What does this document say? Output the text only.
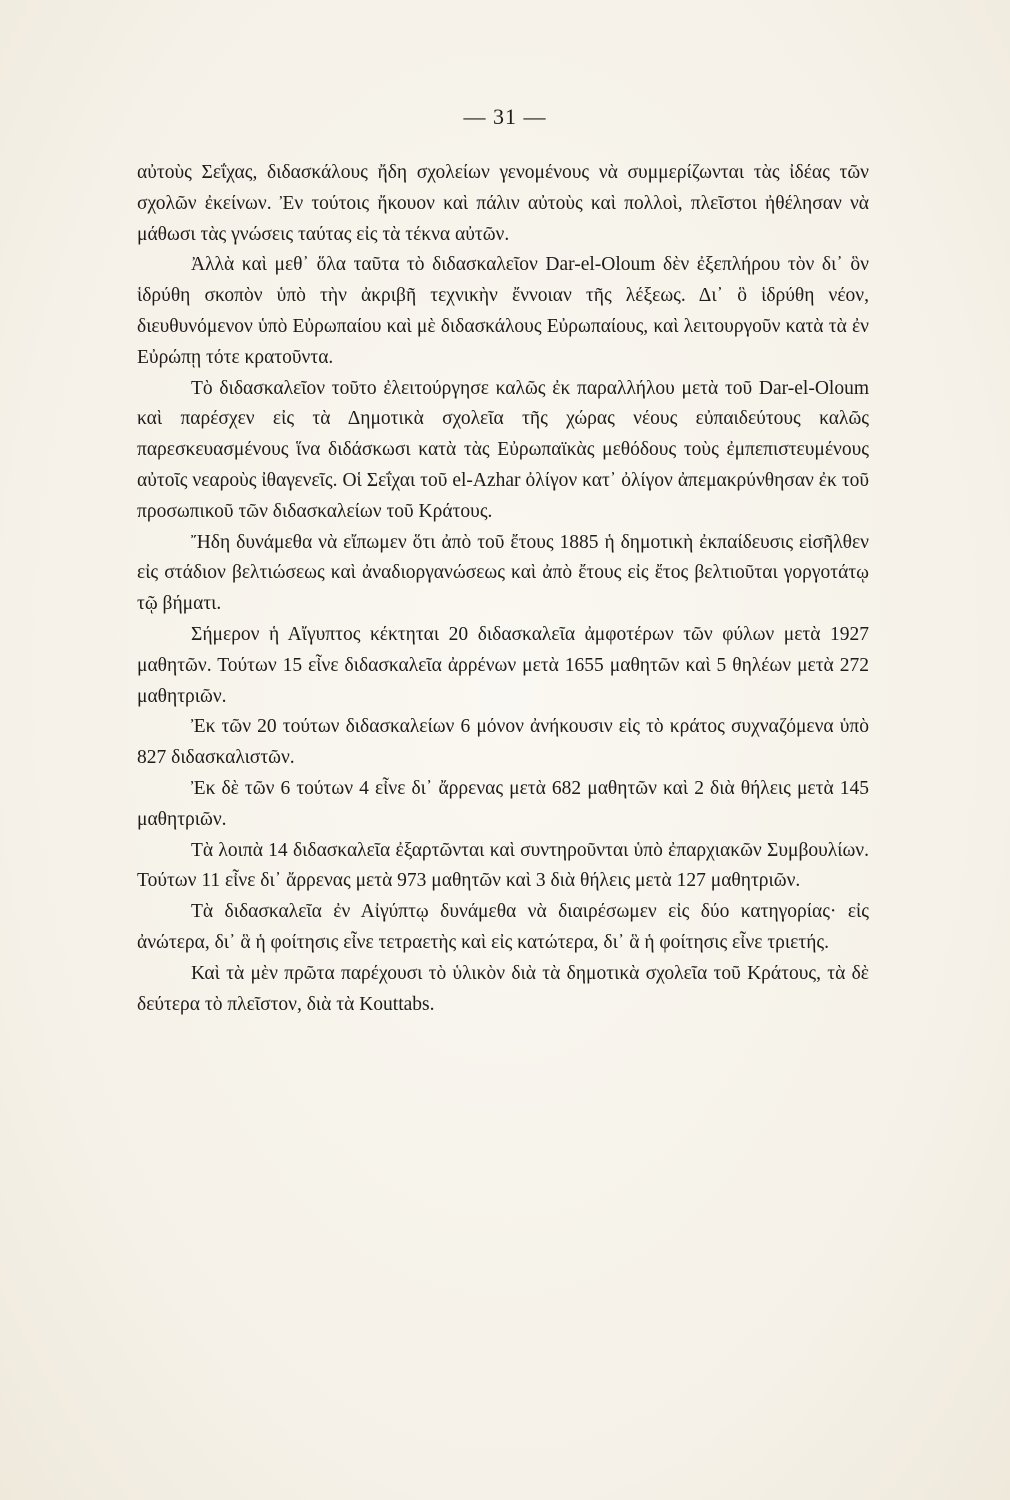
— 31 —

αὐτοὺς Σεΐχας, διδασκάλους ἤδη σχολείων γενομένους νὰ συμμερίζωνται τὰς ἰδέας τῶν σχολῶν ἐκείνων. Ἐν τούτοις ἤκουον καὶ πάλιν αὐτοὺς καὶ πολλοὶ, πλεῖστοι ἠθέλησαν νὰ μάθωσι τὰς γνώσεις ταύτας εἰς τὰ τέκνα αὐτῶν.

Ἀλλὰ καὶ μεθ᾽ ὅλα ταῦτα τὸ διδασκαλεῖον Dar-el-Oloum δὲν ἐξεπλήρου τὸν δι᾽ ὃν ἱδρύθη σκοπὸν ὑπὸ τὴν ἀκριβῆ τεχνικὴν ἔννοιαν τῆς λέξεως. Δι᾽ ὃ ἱδρύθη νέον, διευθυνόμενον ὑπὸ Εὐρωπαίου καὶ μὲ διδασκάλους Εὐρωπαίους, καὶ λειτουργοῦν κατὰ τὰ ἐν Εὐρώπῃ τότε κρατοῦντα.

Τὸ διδασκαλεῖον τοῦτο ἐλειτούργησε καλῶς ἐκ παραλλήλου μετὰ τοῦ Dar-el-Oloum καὶ παρέσχεν εἰς τὰ Δημοτικὰ σχολεῖα τῆς χώρας νέους εὐπαιδεύτους καλῶς παρεσκευασμένους ἵνα διδάσκωσι κατὰ τὰς Εὐρωπαϊκὰς μεθόδους τοὺς ἐμπεπιστευμένους αὐτοῖς νεαροὺς ἰθαγενεῖς. Οἱ Σεΐχαι τοῦ el-Azhar ὀλίγον κατ᾽ ὀλίγον ἀπεμακρύνθησαν ἐκ τοῦ προσωπικοῦ τῶν διδασκαλείων τοῦ Κράτους.

Ἤδη δυνάμεθα νὰ εἴπωμεν ὅτι ἀπὸ τοῦ ἔτους 1885 ἡ δημοτικὴ ἐκπαίδευσις εἰσῆλθεν εἰς στάδιον βελτιώσεως καὶ ἀναδιοργανώσεως καὶ ἀπὸ ἔτους εἰς ἔτος βελτιοῦται γοργοτάτῳ τῷ βήματι.

Σήμερον ἡ Αἴγυπτος κέκτηται 20 διδασκαλεῖα ἀμφοτέρων τῶν φύλων μετὰ 1927 μαθητῶν. Τούτων 15 εἶνε διδασκαλεῖα ἀρρένων μετὰ 1655 μαθητῶν καὶ 5 θηλέων μετὰ 272 μαθητριῶν.

Ἐκ τῶν 20 τούτων διδασκαλείων 6 μόνον ἀνήκουσιν εἰς τὸ κράτος συχναζόμενα ὑπὸ 827 διδασκαλιστῶν.

Ἐκ δὲ τῶν 6 τούτων 4 εἶνε δι᾽ ἄρρενας μετὰ 682 μαθητῶν καὶ 2 διὰ θήλεις μετὰ 145 μαθητριῶν.

Τὰ λοιπὰ 14 διδασκαλεῖα ἐξαρτῶνται καὶ συντηροῦνται ὑπὸ ἐπαρχιακῶν Συμβουλίων. Τούτων 11 εἶνε δι᾽ ἄρρενας μετὰ 973 μαθητῶν καὶ 3 διὰ θήλεις μετὰ 127 μαθητριῶν.

Τὰ διδασκαλεῖα ἐν Αἰγύπτῳ δυνάμεθα νὰ διαιρέσωμεν εἰς δύο κατηγορίας· εἰς ἀνώτερα, δι᾽ ἃ ἡ φοίτησις εἶνε τετραετὴς καὶ εἰς κατώτερα, δι᾽ ἃ ἡ φοίτησις εἶνε τριετής.

Καὶ τὰ μὲν πρῶτα παρέχουσι τὸ ὑλικὸν διὰ τὰ δημοτικὰ σχολεῖα τοῦ Κράτους, τὰ δὲ δεύτερα τὸ πλεῖστον, διὰ τὰ Kouttabs.
